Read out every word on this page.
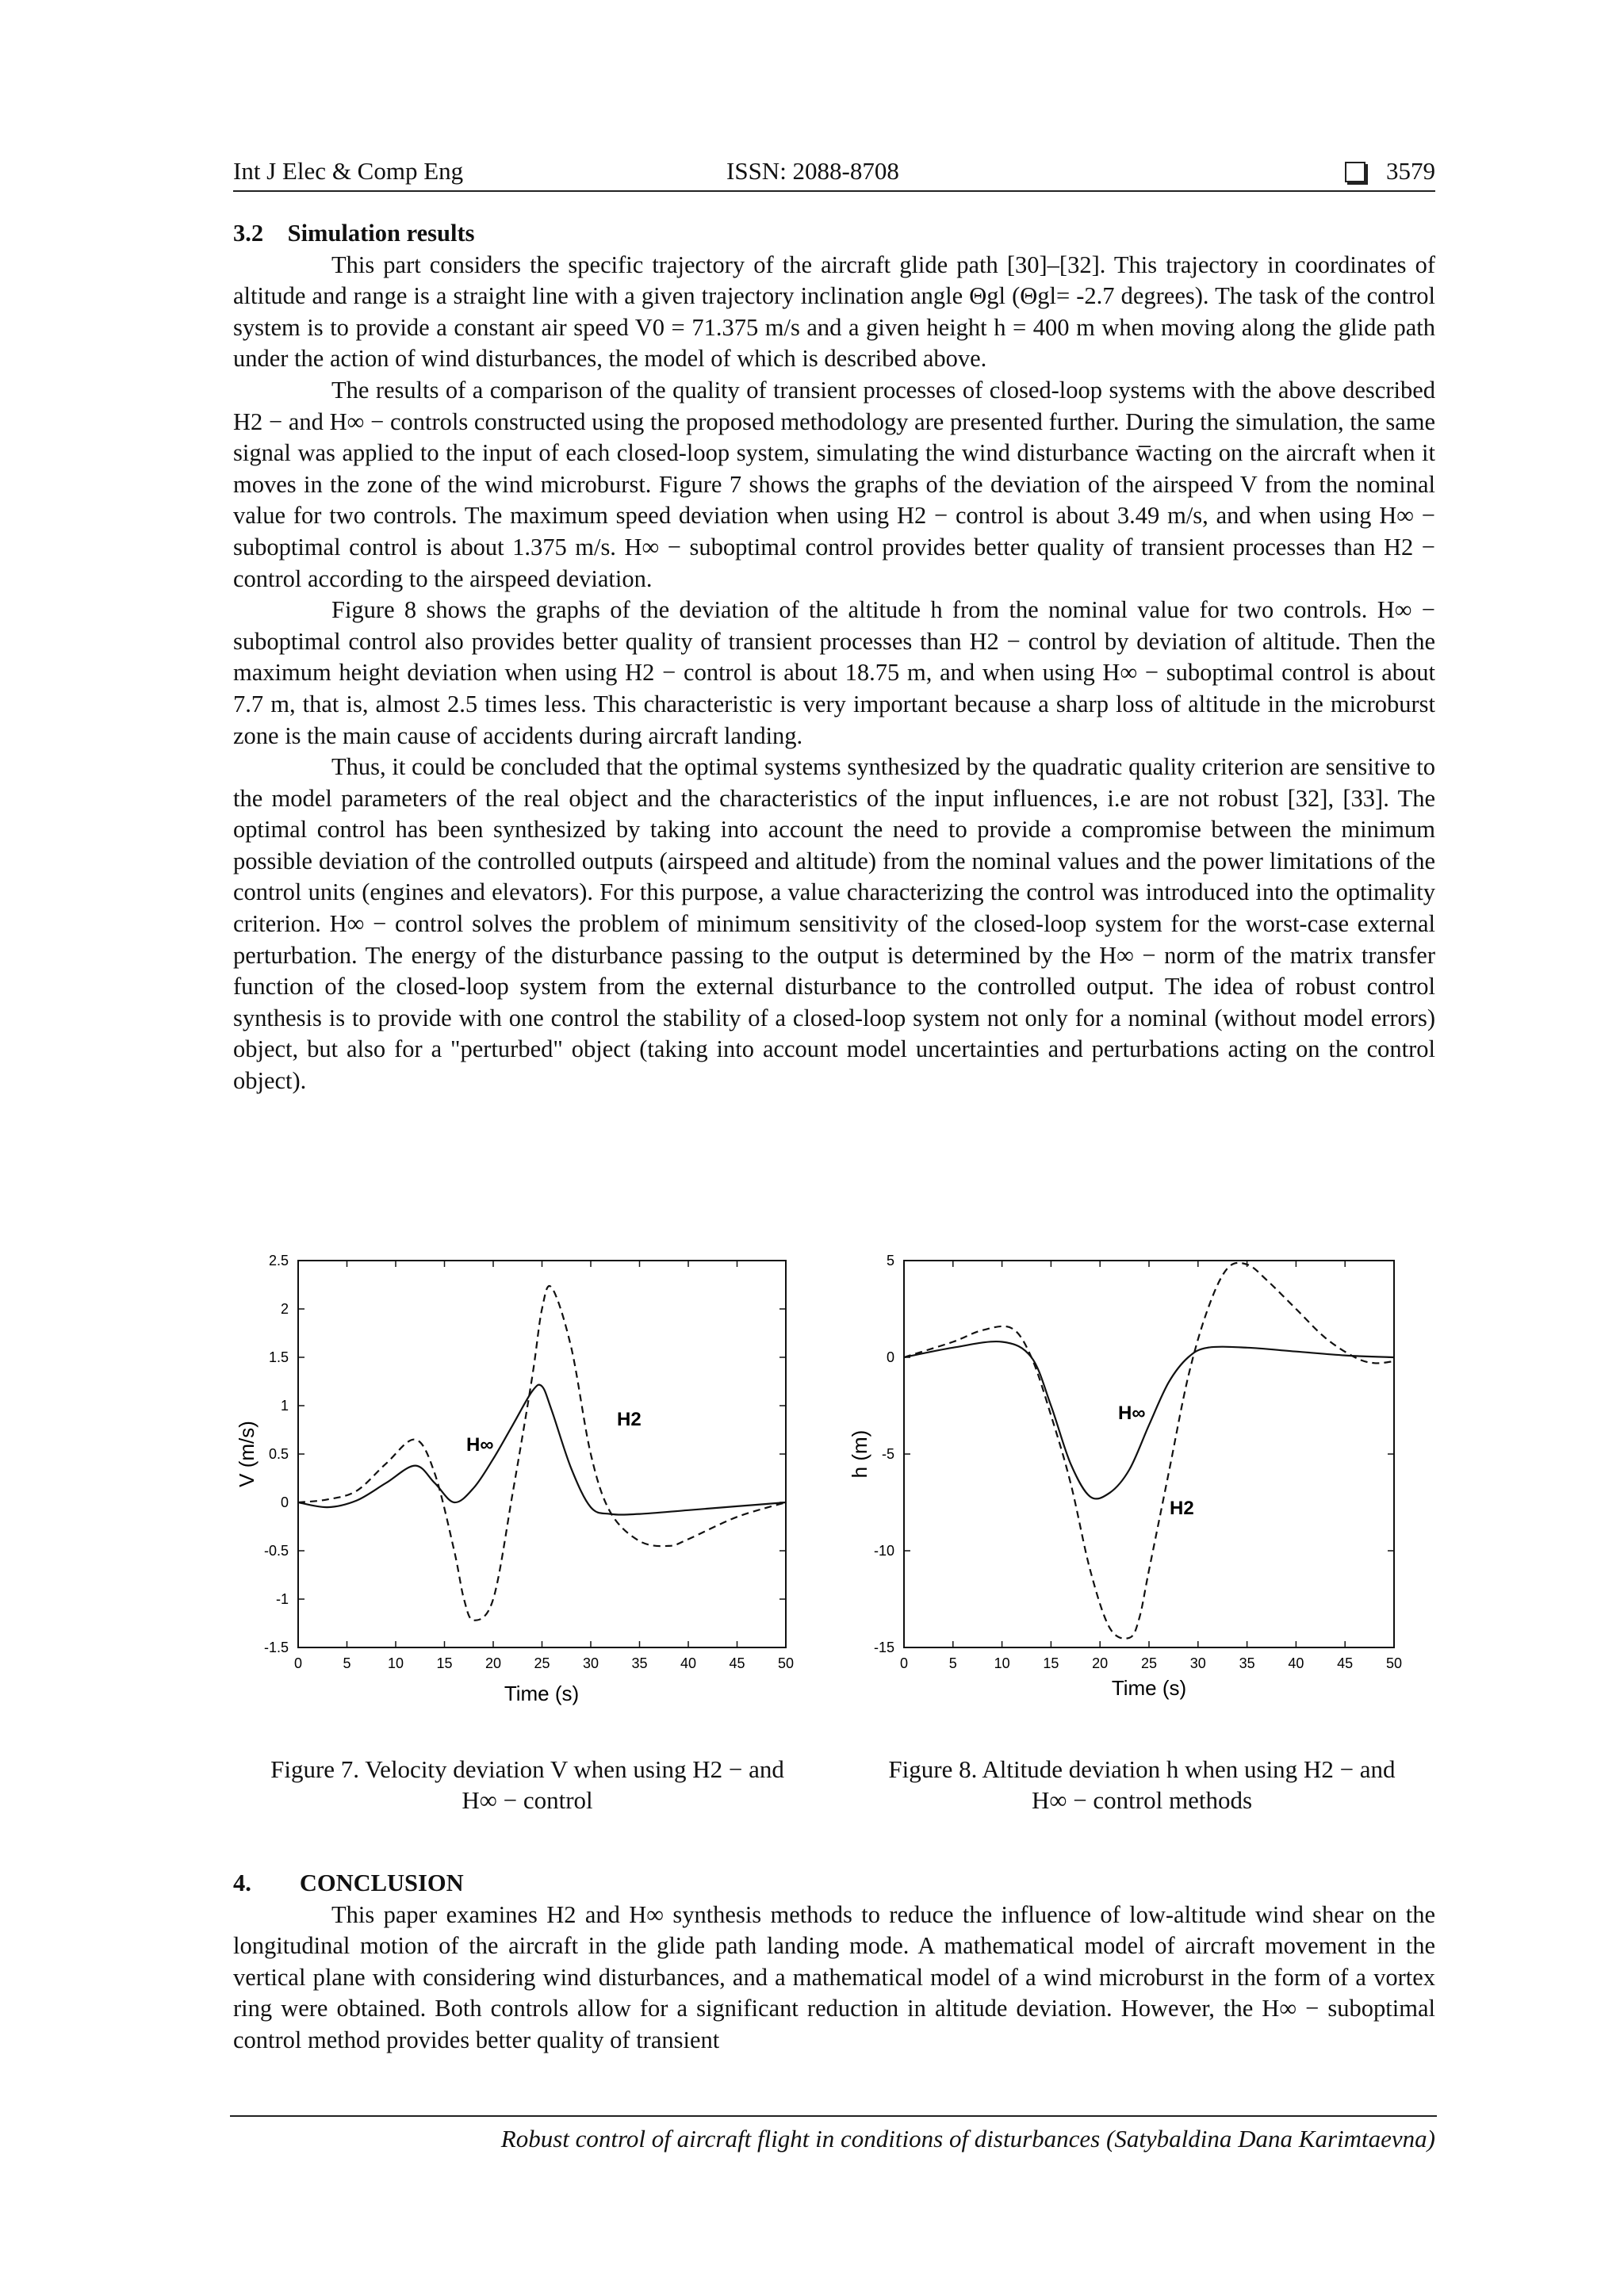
Int J Elec & Comp Eng	ISSN: 2088-8708	3579
3.2 Simulation results

This part considers the specific trajectory of the aircraft glide path [30]–[32]. This trajectory in coordinates of altitude and range is a straight line with a given trajectory inclination angle Θgl (Θgl= -2.7 degrees). The task of the control system is to provide a constant air speed V0 = 71.375 m/s and a given height h = 400 m when moving along the glide path under the action of wind disturbances, the model of which is described above.

The results of a comparison of the quality of transient processes of closed-loop systems with the above described H2 − and H∞ − controls constructed using the proposed methodology are presented further. During the simulation, the same signal was applied to the input of each closed-loop system, simulating the wind disturbance w̅acting on the aircraft when it moves in the zone of the wind microburst. Figure 7 shows the graphs of the deviation of the airspeed V from the nominal value for two controls. The maximum speed deviation when using H2 − control is about 3.49 m/s, and when using H∞ − suboptimal control is about 1.375 m/s. H∞ − suboptimal control provides better quality of transient processes than H2 − control according to the airspeed deviation.

Figure 8 shows the graphs of the deviation of the altitude h from the nominal value for two controls. H∞ − suboptimal control also provides better quality of transient processes than H2 − control by deviation of altitude. Then the maximum height deviation when using H2 − control is about 18.75 m, and when using H∞ − suboptimal control is about 7.7 m, that is, almost 2.5 times less. This characteristic is very important because a sharp loss of altitude in the microburst zone is the main cause of accidents during aircraft landing.

Thus, it could be concluded that the optimal systems synthesized by the quadratic quality criterion are sensitive to the model parameters of the real object and the characteristics of the input influences, i.e are not robust [32], [33]. The optimal control has been synthesized by taking into account the need to provide a compromise between the minimum possible deviation of the controlled outputs (airspeed and altitude) from the nominal values and the power limitations of the control units (engines and elevators). For this purpose, a value characterizing the control was introduced into the optimality criterion. H∞ − control solves the problem of minimum sensitivity of the closed-loop system for the worst-case external perturbation. The energy of the disturbance passing to the output is determined by the H∞ − norm of the matrix transfer function of the closed-loop system from the external disturbance to the controlled output. The idea of robust control synthesis is to provide with one control the stability of a closed-loop system not only for a nominal (without model errors) object, but also for a "perturbed" object (taking into account model uncertainties and perturbations acting on the control object).

0	5	10 15 20 25 30 35 40 45 50
2.5
2
1.5
1
0.5
0
-0.5
-1
-1.5
Time (s)
V (m/s)	H∞
H2
0	5	10 15 20 25 30 35 40 45 50
5
0
-5
-10
-15
Time (s)
h (m)
H∞
H2
Figure 7. Velocity deviation V when using H2 − and
H∞ − control
Figure 8. Altitude deviation h when using H2 − and
H∞ − control methods
4.  CONCLUSION

This paper examines H2 and H∞ synthesis methods to reduce the influence of low-altitude wind shear on the longitudinal motion of the aircraft in the glide path landing mode. A mathematical model of aircraft movement in the vertical plane with considering wind disturbances, and a mathematical model of a wind microburst in the form of a vortex ring were obtained. Both controls allow for a significant reduction in altitude deviation. However, the H∞ − suboptimal control method provides better quality of transient

Robust control of aircraft flight in conditions of disturbances (Satybaldina Dana Karimtaevna)
